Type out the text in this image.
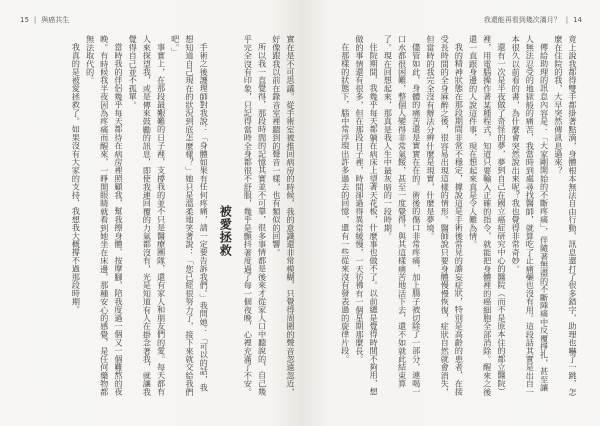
15 | 與癌共生

實在是不可思議。從手術室被推回病房的時候，我的意識還非常模糊，只覺得周圍的聲音忽遠忽近，好像跟我以前在錄音室裡聽到的聲音一樣，也有類似的回響。

所以我一直覺得，那段時間的記憶其實並不可靠，很多事情都是後來才從家人口中聽說的，自己幾乎完全沒有印象，只記得當時全身都很不舒服，幾乎是顫抖著度過了每一個夜晚，心裡充滿了不安。

被愛拯救

手術之後護理師對我說：「身體如果有任何疼痛，請一定要告訴我們。」我問她：「可以的話，我想知道自己現在的狀況到底怎麼樣？」她只是溫柔地笑著說：「您已經很努力了，接下來就交給我們吧。」

事實上，在那段最艱難的日子裡，支撐我的並不只是醫療團隊，還有家人和朋友們的愛。每天都有人來探望我，或是傳來鼓勵的訊息，即使我連回覆的力氣都沒有，光是知道有人在掛念著我，就讓我覺得自己並不孤單。

當時我的伴侶幾乎每天都待在病房裡照顧我，幫我擦身體、按摩腳，陪我度過一個又一個難熬的夜晚。有時候我半夜因為疼痛而醒來，一睜開眼睛就看到她坐在床邊，那種安心的感覺，是任何藥物都無法取代的。

我真的是被愛拯救了。如果沒有大家的支持，我想我大概撐不過那段時期。

我還能再看到幾次滿月？ | 14

竟上說我都得雙手都掛著點滴，身體根本無法自由行動，訊息還打了很多錯字，助理也嚇了一跳，怎麼在住院的我，大早突然傳訊息過來？

傳給助理的訊息內容是：「大家剛開始的不斷疼痛」，伴隨著無盡的不斷陣痛中反覆掙扎，甚至讓人無法忍受的地獄般的痛苦，我當時到處尋找醫師，就算吃了止痛藥也沒有用。這段話其實是出自一本很久以前看的書，為什麼會突然說出來呢？我也覺得非常奇妙。

還有一次是半夜做了奇怪的夢，夢到自己在國立癌症研究中心的醫院（而不是原本住的都立醫院）裡，用電腦操作著某種程式，知道只要輸入正確的指令，就能把身體裡的癌細胞全部消除。醒來之後還一直跟身邊的人說這件事，現在想起來真是令人難為情。

我的精神狀態在那段期間非常不穩定，據說這是手術後常見的譫妄症狀，特別是高齡的患者，在接受長時間的全身麻醉之後，很容易出現這樣的情形。醫師說只要身體慢慢恢復，症狀自然就會消失，但當時的我完全沒有辦法分辨什麼是現實，什麼是夢境。

儘管如此，身體的痛苦還是實實在在的。術後的傷口非常疼痛，加上腸子被切除了一部分，連喝一口水都很困難，整個人變得非常氣餒，甚至一度覺得，與其這樣痛苦地活下去，還不如就此結束算了。現在回想起來，那真是我人生中最灰暗的一段時期。

住院期間，我幾乎每天都躺在病床上望著天花板，什麼事也做不了。以前總是覺得時間不夠用，想做的事情還有很多，但在那段日子裡，時間卻過得異常緩慢，一天彷彿有一個星期那麼長。

在那樣的狀態下，腦中常浮現出許多過去的回憶，還有一些從來沒有發表過的旋律片段。
